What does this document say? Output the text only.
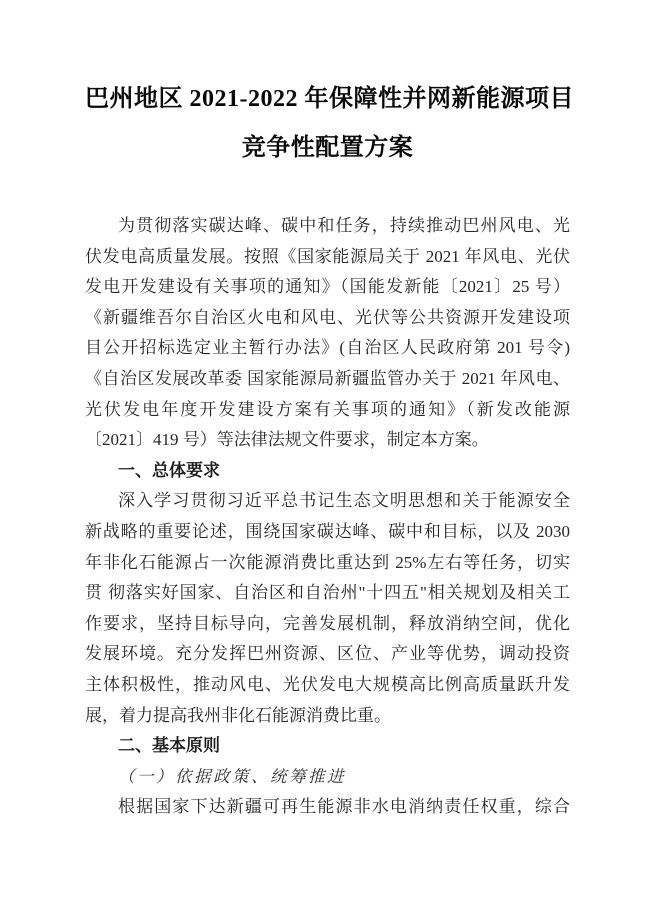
巴州地区 2021-2022 年保障性并网新能源项目
竞争性配置方案
为贯彻落实碳达峰、碳中和任务，持续推动巴州风电、光
伏发电高质量发展。按照《国家能源局关于 2021 年风电、光伏
发电开发建设有关事项的通知》（国能发新能〔2021〕25 号）
《新疆维吾尔自治区火电和风电、光伏等公共资源开发建设项
目公开招标选定业主暂行办法》(自治区人民政府第 201 号令)
《自治区发展改革委 国家能源局新疆监管办关于 2021 年风电、
光伏发电年度开发建设方案有关事项的通知》（新发改能源
〔2021〕419 号）等法律法规文件要求，制定本方案。
一、总体要求
深入学习贯彻习近平总书记生态文明思想和关于能源安全
新战略的重要论述，围绕国家碳达峰、碳中和目标，以及 2030
年非化石能源占一次能源消费比重达到 25%左右等任务，切实
贯 彻落实好国家、自治区和自治州"十四五"相关规划及相关工
作要求，坚持目标导向，完善发展机制，释放消纳空间，优化
发展环境。充分发挥巴州资源、区位、产业等优势，调动投资
主体积极性，推动风电、光伏发电大规模高比例高质量跃升发
展，着力提高我州非化石能源消费比重。
二、基本原则
（一）依据政策、统筹推进
根据国家下达新疆可再生能源非水电消纳责任权重，综合
